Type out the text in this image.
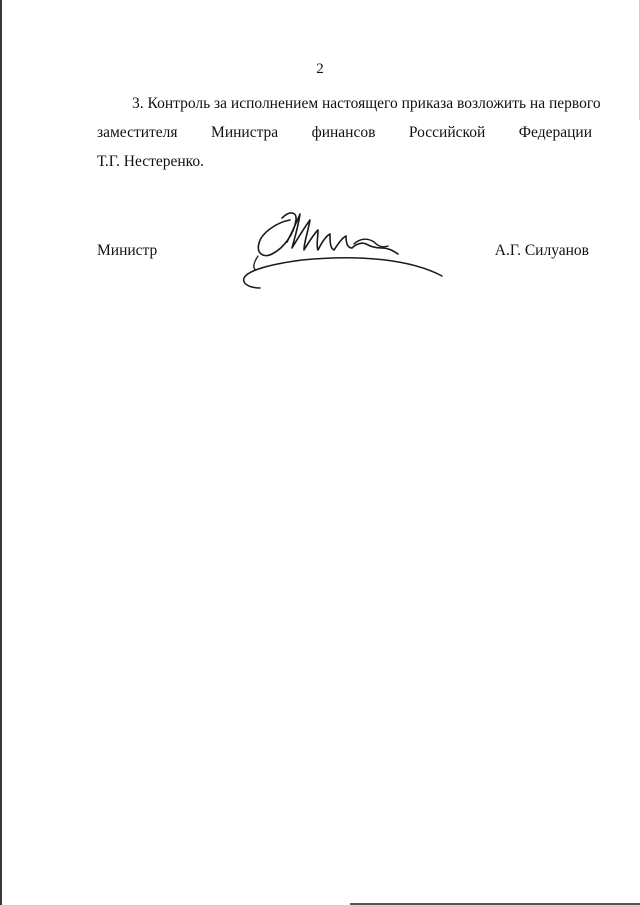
2
3. Контроль за исполнением настоящего приказа возложить на первого
заместителя Министра финансов Российской Федерации
Т.Г. Нестеренко.
Министр	А.Г. Силуанов
